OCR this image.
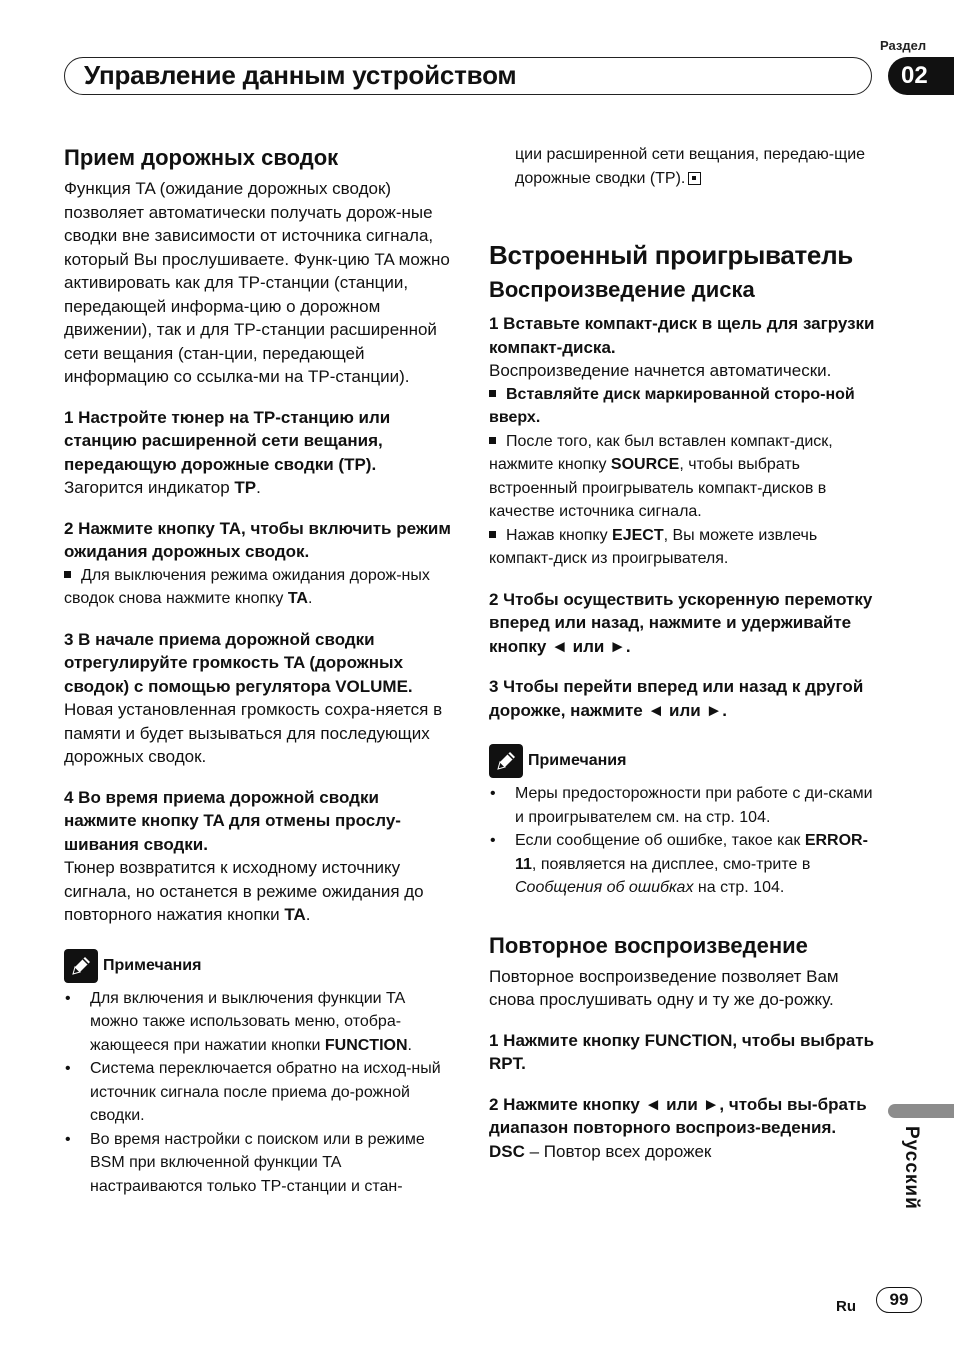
Раздел
Управление данным устройством	02
Прием дорожных сводок

Функция TA (ожидание дорожных сводок) позволяет автоматически получать дорож-ные сводки вне зависимости от источника сигнала, который Вы прослушиваете. Функ-цию TA можно активировать как для TP-станции (станции, передающей информа-цию о дорожном движении), так и для TP-станции расширенной сети вещания (стан-ции, передающей информацию со ссылка-ми на TP-станции).

1 Настройте тюнер на TP-станцию или станцию расширенной сети вещания, передающую дорожные сводки (TP).

Загорится индикатор TP.

2 Нажмите кнопку TA, чтобы включить режим ожидания дорожных сводок.

Для выключения режима ожидания дорож-ных сводок снова нажмите кнопку TA.

3 В начале приема дорожной сводки отрегулируйте громкость TA (дорожных сводок) с помощью регулятора VOLUME.

Новая установленная громкость сохра-няется в памяти и будет вызываться для последующих дорожных сводок.

4 Во время приема дорожной сводки нажмите кнопку TA для отмены прослу-шивания сводки.

Тюнер возвратится к исходному источнику сигнала, но останется в режиме ожидания до повторного нажатия кнопки TA.

Примечания
• Для включения и выключения функции TA можно также использовать меню, отобра-жающееся при нажатии кнопки FUNCTION.
• Система переключается обратно на исход-ный источник сигнала после приема до-рожной сводки.
• Во время настройки с поиском или в режиме BSM при включенной функции TA настраиваются только TP-станции и стан-

ции расширенной сети вещания, передаю-щие дорожные сводки (TP).

Встроенный проигрыватель
Воспроизведение диска

1 Вставьте компакт-диск в щель для загрузки компакт-диска.

Воспроизведение начнется автоматически.

Вставляйте диск маркированной сторо-ной вверх.

После того, как был вставлен компакт-диск, нажмите кнопку SOURCE, чтобы выбрать встроенный проигрыватель компакт-дисков в качестве источника сигнала.

Нажав кнопку EJECT, Вы можете извлечь компакт-диск из проигрывателя.

2 Чтобы осуществить ускоренную перемотку вперед или назад, нажмите и удерживайте кнопку ◄ или ►.

3 Чтобы перейти вперед или назад к другой дорожке, нажмите ◄ или ►.

Примечания
• Меры предосторожности при работе с ди-сками и проигрывателем см. на стр. 104.
• Если сообщение об ошибке, такое как ERROR-11, появляется на дисплее, смо-трите в Сообщения об ошибках на стр. 104.
Повторное воспроизведение

Повторное воспроизведение позволяет Вам снова прослушивать одну и ту же до-рожку.

1 Нажмите кнопку FUNCTION, чтобы выбрать RPT.

2 Нажмите кнопку ◄ или ►, чтобы вы-брать диапазон повторного воспроиз-ведения.

DSC – Повтор всех дорожек	Русский
Ru	99
